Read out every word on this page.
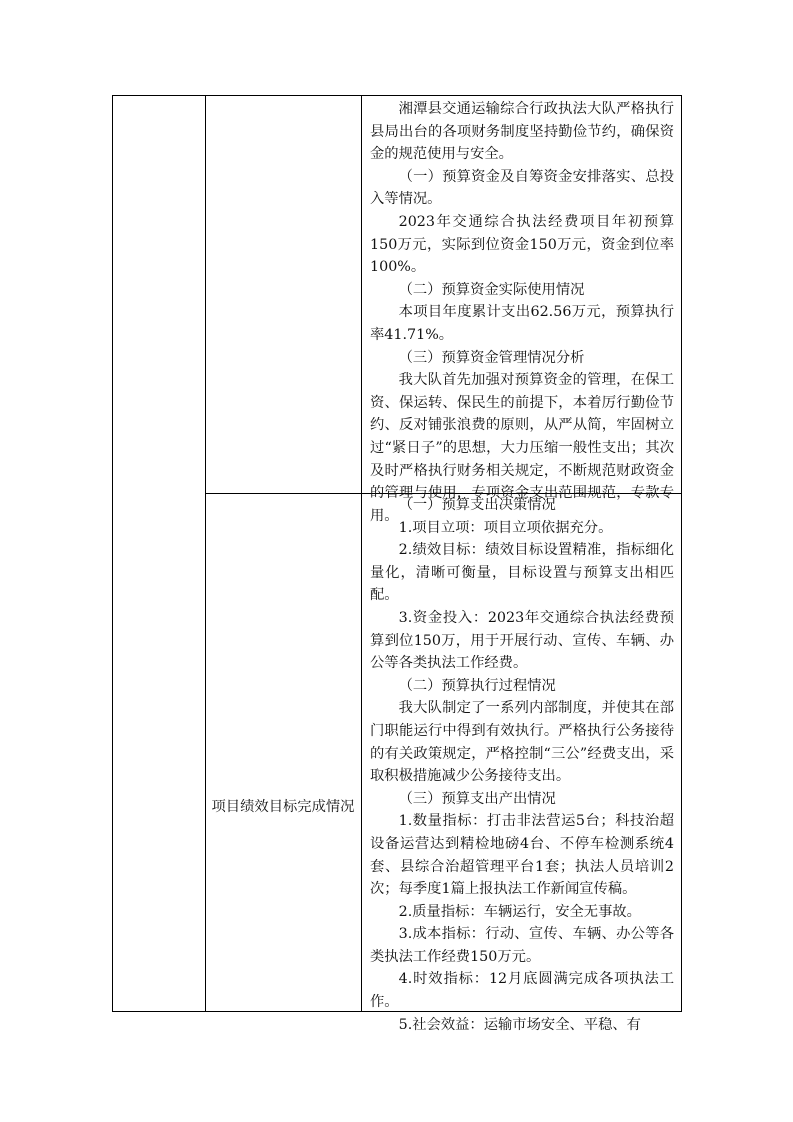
湘潭县交通运输综合行政执法大队严格执行县局出台的各项财务制度坚持勤俭节约，确保资金的规范使用与安全。

（一）预算资金及自筹资金安排落实、总投入等情况。

2023年交通综合执法经费项目年初预算150万元，实际到位资金150万元，资金到位率100%。

（二）预算资金实际使用情况

本项目年度累计支出62.56万元，预算执行率41.71%。

（三）预算资金管理情况分析

我大队首先加强对预算资金的管理，在保工资、保运转、保民生的前提下，本着厉行勤俭节约、反对铺张浪费的原则，从严从简，牢固树立过“紧日子”的思想，大力压缩一般性支出；其次及时严格执行财务相关规定，不断规范财政资金的管理与使用，专项资金支出范围规范，专款专用。

项目绩效目标完成情况

（一）预算支出决策情况

1.项目立项：项目立项依据充分。

2.绩效目标：绩效目标设置精准，指标细化量化，清晰可衡量，目标设置与预算支出相匹配。

3.资金投入：2023年交通综合执法经费预算到位150万，用于开展行动、宣传、车辆、办公等各类执法工作经费。

（二）预算执行过程情况

我大队制定了一系列内部制度，并使其在部门职能运行中得到有效执行。严格执行公务接待的有关政策规定，严格控制“三公”经费支出，采取积极措施减少公务接待支出。

（三）预算支出产出情况

1.数量指标：打击非法营运5台；科技治超设备运营达到精检地磅4台、不停车检测系统4套、县综合治超管理平台1套；执法人员培训2次；每季度1篇上报执法工作新闻宣传稿。

2.质量指标：车辆运行，安全无事故。

3.成本指标：行动、宣传、车辆、办公等各类执法工作经费150万元。

4.时效指标：12月底圆满完成各项执法工作。

5.社会效益：运输市场安全、平稳、有
